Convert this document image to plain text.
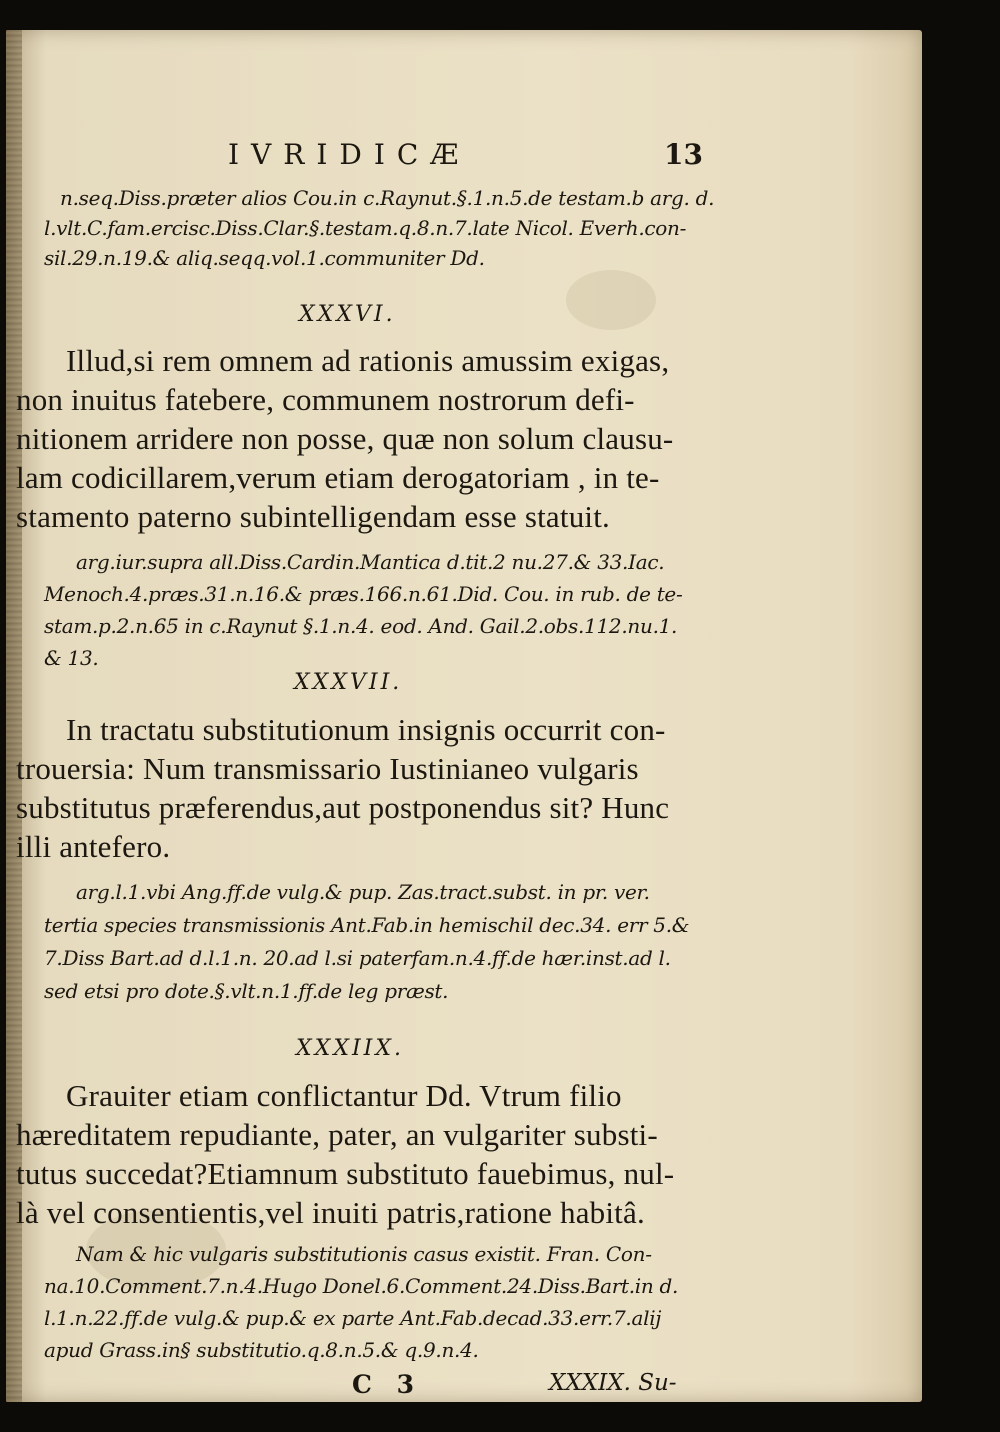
IVRIDICÆ	13
n.seq.Diss.præter alios Cou.in c.Raynut.§.1.n.5.de testam.b arg. d.
l.vlt.C.fam.ercisc.Diss.Clar.§.testam.q.8.n.7.late Nicol. Everh.con-
sil.29.n.19.& aliq.seqq.vol.1.communiter Dd.
XXXVI.
Illud,si rem omnem ad rationis amussim exigas,
non inuitus fatebere, communem nostrorum defi-
nitionem arridere non posse, quæ non solum clausu-
lam codicillarem,verum etiam derogatoriam , in te-
stamento paterno subintelligendam esse statuit.
arg.iur.supra all.Diss.Cardin.Mantica d.tit.2 nu.27.& 33.Iac.
Menoch.4.præs.31.n.16.& præs.166.n.61.Did. Cou. in rub. de te-
stam.p.2.n.65 in c.Raynut §.1.n.4. eod. And. Gail.2.obs.112.nu.1.
& 13.
XXXVII.
In tractatu substitutionum insignis occurrit con-
trouersia: Num transmissario Iustinianeo vulgaris
substitutus præferendus,aut postponendus sit? Hunc
illi antefero.
arg.l.1.vbi Ang.ff.de vulg.& pup. Zas.tract.subst. in pr. ver.
tertia species transmissionis Ant.Fab.in hemischil dec.34. err 5.&
7.Diss Bart.ad d.l.1.n. 20.ad l.si paterfam.n.4.ff.de hær.inst.ad l.
sed etsi pro dote.§.vlt.n.1.ff.de leg præst.
XXXIIX.
Grauiter etiam conflictantur Dd. Vtrum filio
hæreditatem repudiante, pater, an vulgariter substi-
tutus succedat?Etiamnum substituto fauebimus, nul-
là vel consentientis,vel inuiti patris,ratione habitâ.
Nam & hic vulgaris substitutionis casus existit. Fran. Con-
na.10.Comment.7.n.4.Hugo Donel.6.Comment.24.Diss.Bart.in d.
l.1.n.22.ff.de vulg.& pup.& ex parte Ant.Fab.decad.33.err.7.alij
apud Grass.in§ substitutio.q.8.n.5.& q.9.n.4.
C 3	XXXIX. Su-
